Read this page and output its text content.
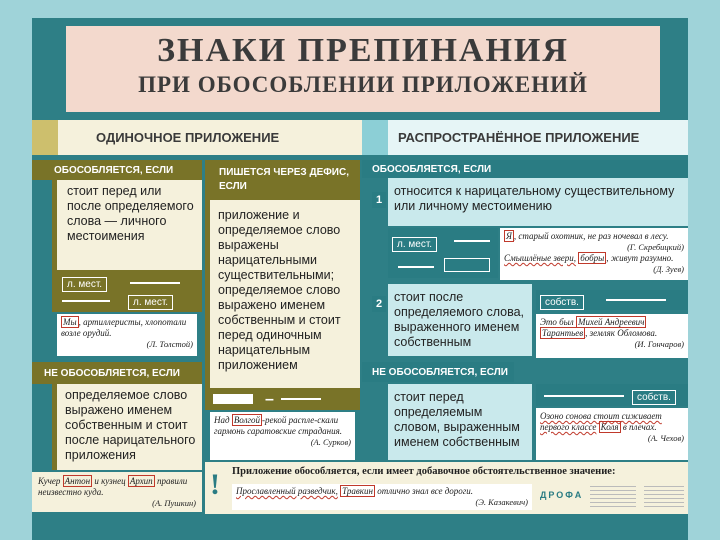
ЗНАКИ ПРЕПИНАНИЯ
ПРИ ОБОСОБЛЕНИИ ПРИЛОЖЕНИЙ
ОДИНОЧНОЕ ПРИЛОЖЕНИЕ	РАСПРОСТРАНЁННОЕ ПРИЛОЖЕНИЕ
ОБОСОБЛЯЕТСЯ, ЕСЛИ
стоит перед или после определяемого слова — личного местоимения
л. мест.
л. мест.
Мы , артиллеристы, хлопотали возле орудий.
(Л. Толстой)
ПИШЕТСЯ ЧЕРЕЗ ДЕФИС, ЕСЛИ
приложение и определяемое слово выражены нарицательными существительными; определяемое слово выражено именем собственным и стоит перед одиночным нарицательным приложением
–
Над Волгой -рекой распле-скали гармонь саратовские страдания.
(А. Сурков)
НЕ ОБОСОБЛЯЕТСЯ, ЕСЛИ
определяемое слово выражено именем собственным и стоит после нарицательного приложения
Кучер Антон и кузнец Архип правили неизвестно куда.
(А. Пушкин)
ОБОСОБЛЯЕТСЯ, ЕСЛИ
1
относится к нарицательному существительному или личному местоимению
л. мест.
Я , старый охотник, не раз ночевал в лесу.
(Г. Скребицкий)
Смышлёные звери, бобры , живут разумно.
(Д. Зуев)
2 стоит после определяемого слова, выраженного именем собственным
собств.
Это был Михей Андреевич
Тарантьев , земляк Обломова.
(И. Гончаров)
НЕ ОБОСОБЛЯЕТСЯ, ЕСЛИ
стоит перед определяемым словом, выраженным именем собственным
собств.
Озоно сонова стоит сиживает первого классе Коля в плечах.
(А. Чехов)
! Приложение обособляется, если имеет добавочное обстоятельственное значение:
Прославленный разведчик, Травкин отлично знал все дороги.
(Э. Казакевич)
ДРОФА
